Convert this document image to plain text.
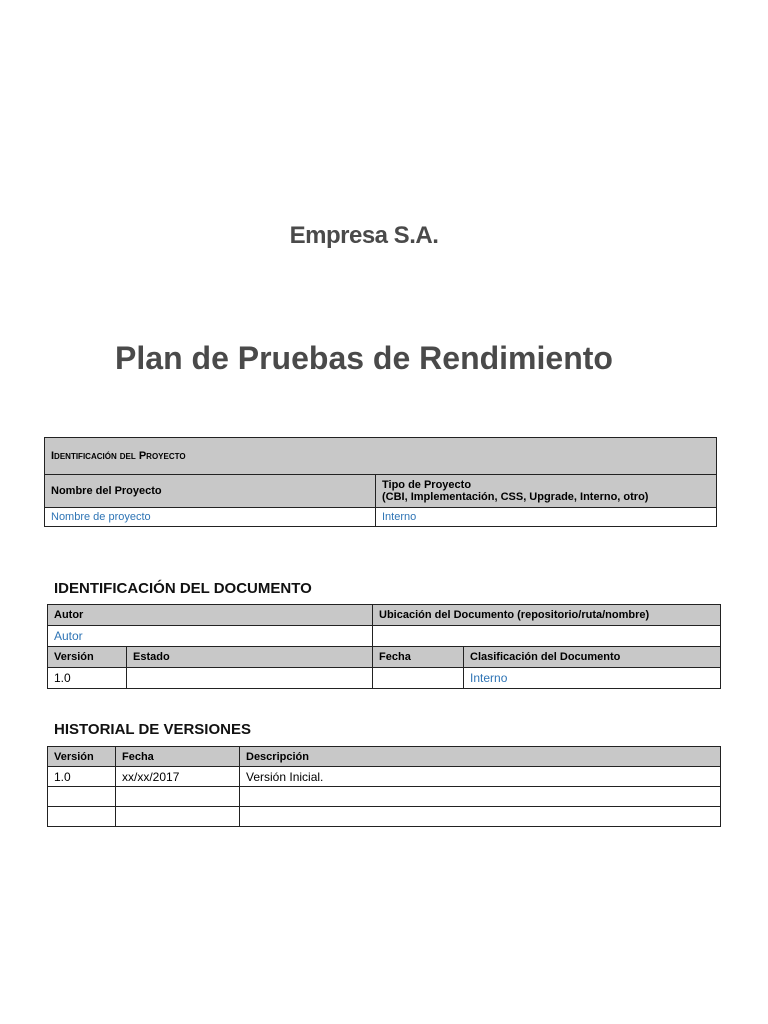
Empresa S.A.
Plan de Pruebas de Rendimiento
Identificación del Proyecto	
Nombre del Proyecto	Tipo de Proyecto
(CBI, Implementación, CSS, Upgrade, Interno, otro)

Nombre de proyecto	Interno
IDENTIFICACIÓN DEL DOCUMENTO
Autor		Ubicación del Documento (repositorio/ruta/nombre)	
Autor			
Versión	Estado	Fecha	Clasificación del Documento
1.0			Interno
HISTORIAL DE VERSIONES
Versión	Fecha	Descripción
1.0	xx/xx/2017	Versión Inicial.
